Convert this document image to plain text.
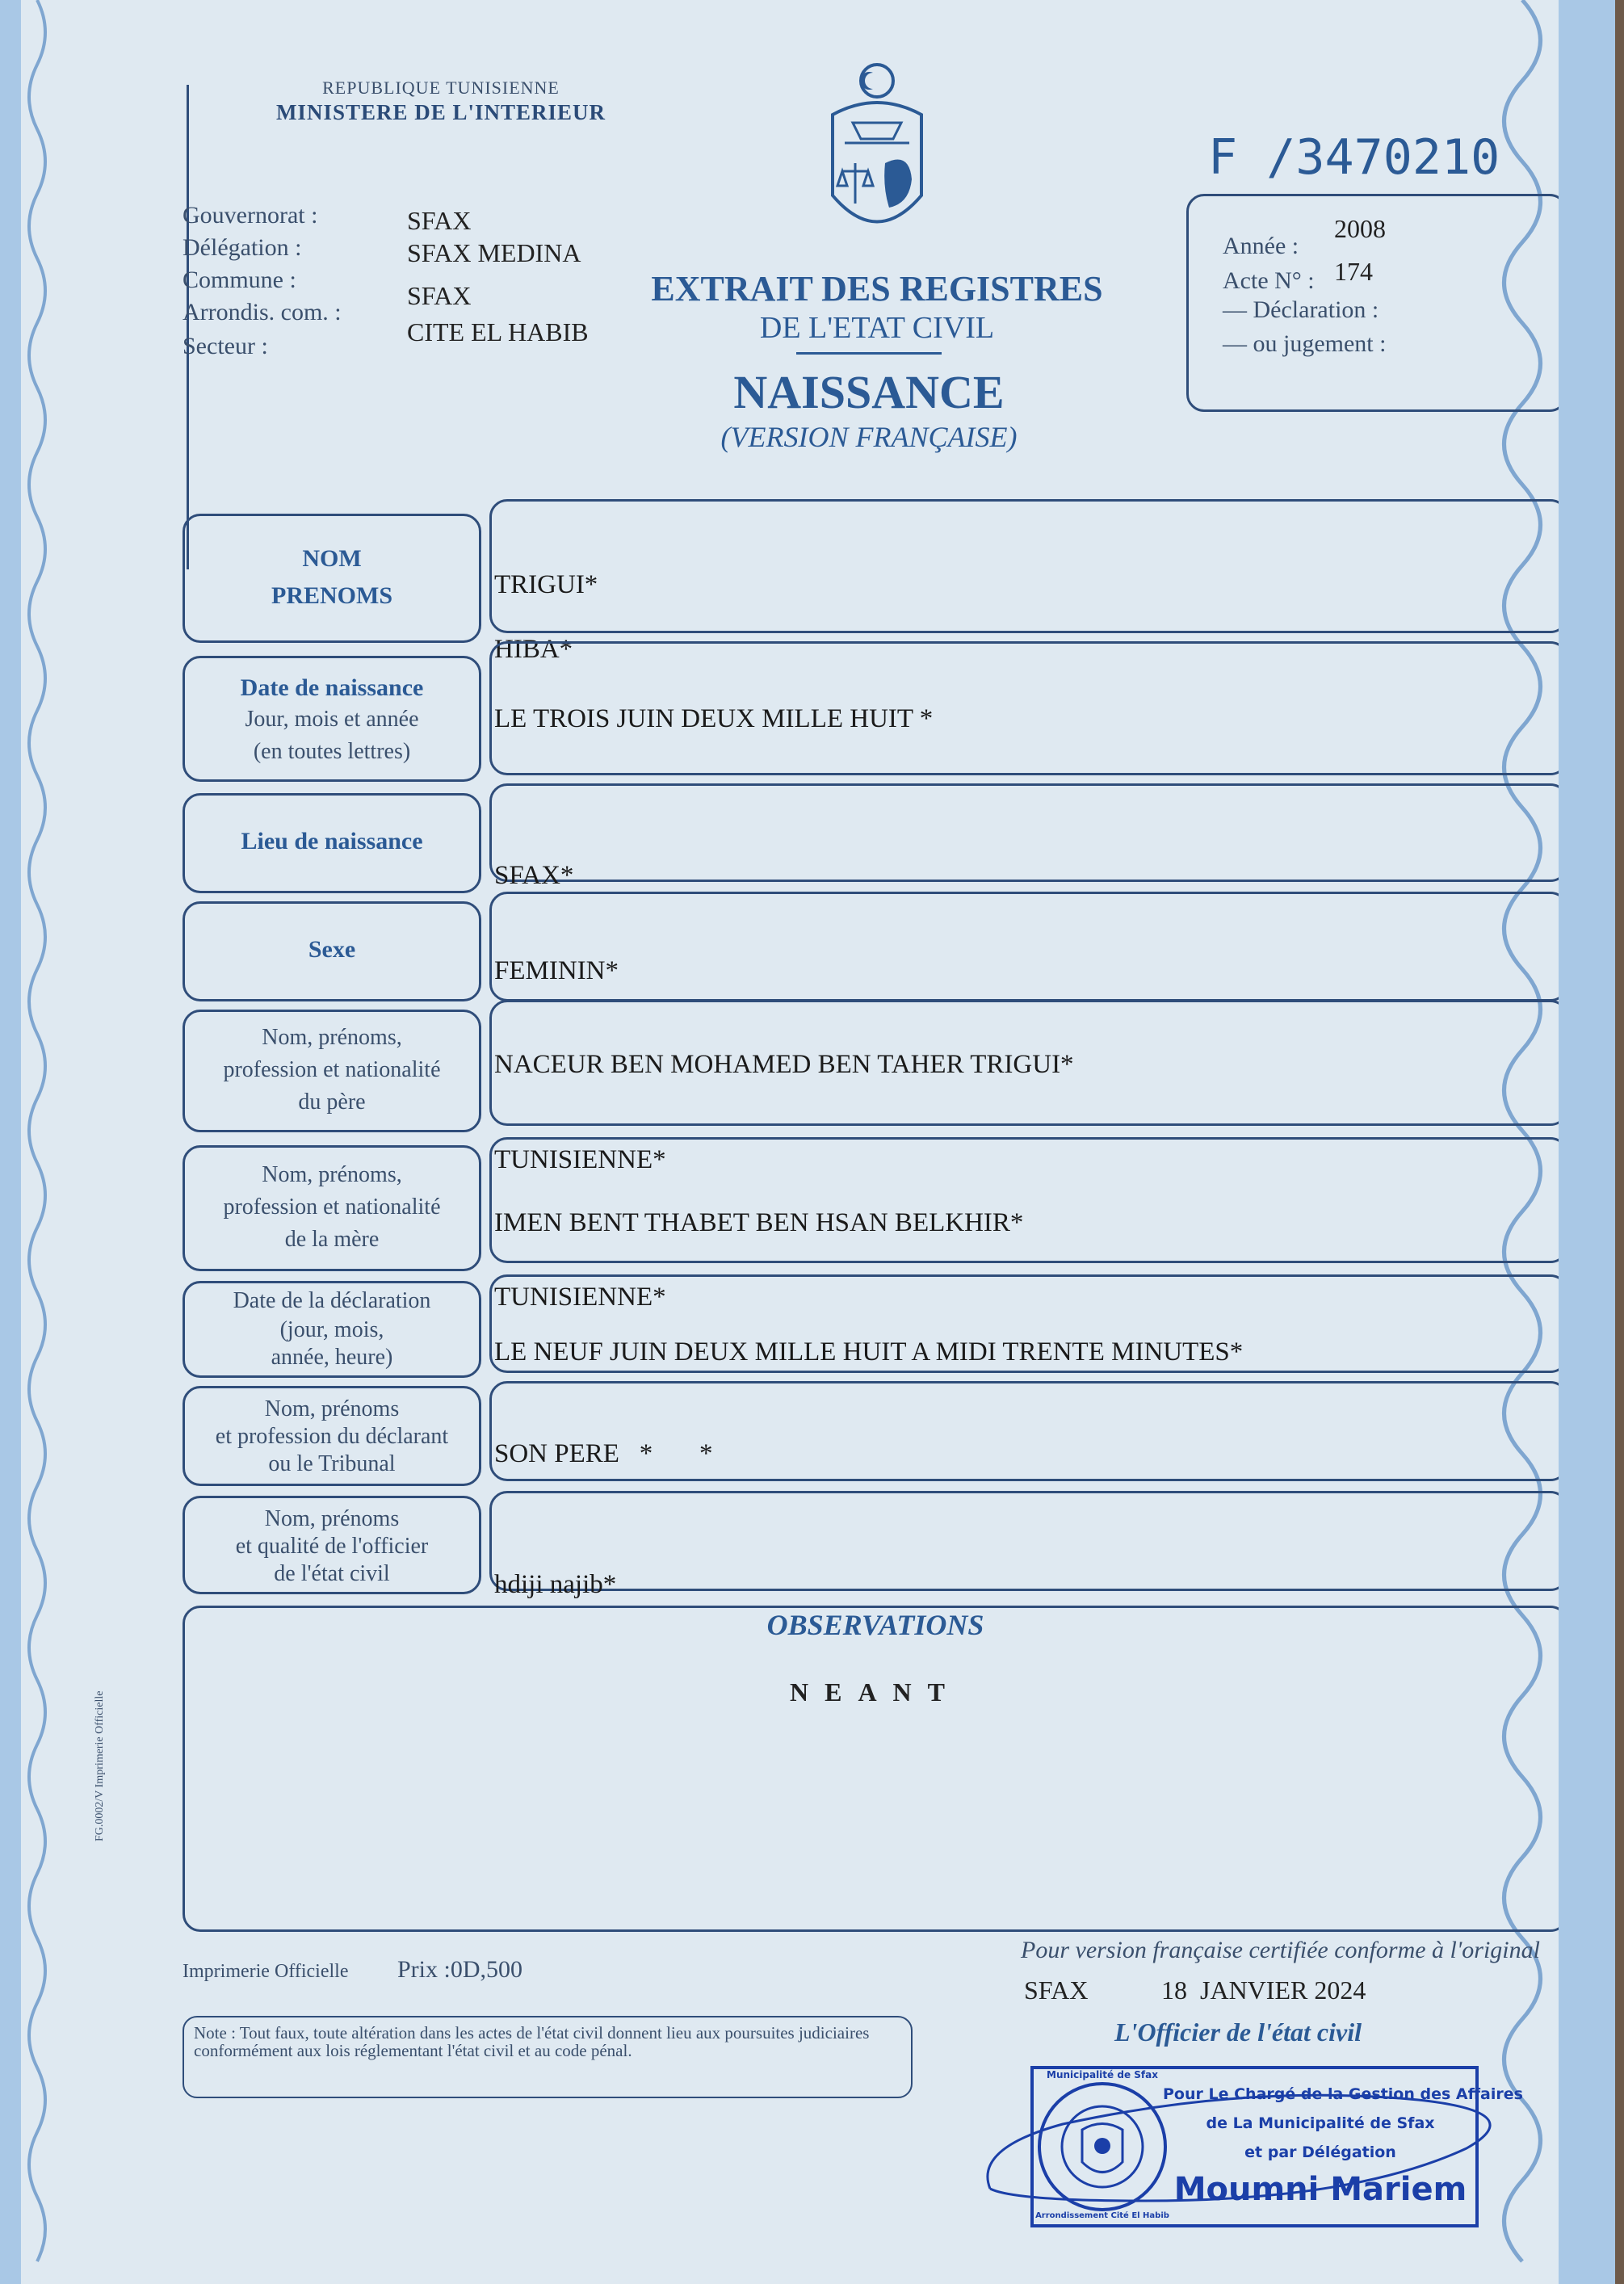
REPUBLIQUE TUNISIENNE
MINISTERE DE L'INTERIEUR
F /3470210
Gouvernorat :	SFAX
Délégation :	SFAX MEDINA
Commune :
SFAX
Arrondis. com. :
CITE EL HABIB
Secteur :
EXTRAIT DES REGISTRES
DE L'ETAT CIVIL
NAISSANCE
(VERSION FRANÇAISE)
Année :
2008
Acte N° : 174
— Déclaration :
— ou jugement :
NOM
PRENOMS	TRIGUI*
HIBA*
Date de naissance
Jour, mois et année
(en toutes lettres)
LE TROIS JUIN DEUX MILLE HUIT *
Lieu de naissance
SFAX*
Sexe
FEMININ*
Nom, prénoms,
profession et nationalité
du père
NACEUR BEN MOHAMED BEN TAHER TRIGUI*
TUNISIENNE*
Nom, prénoms,
profession et nationalité
de la mère
IMEN BENT THABET BEN HSAN BELKHIR*
TUNISIENNE*
Date de la déclaration
(jour, mois,
année, heure)	LE NEUF JUIN DEUX MILLE HUIT A MIDI TRENTE MINUTES*
Nom, prénoms
et profession du déclarant
ou le Tribunal	SON PERE   *       *
Nom, prénoms
et qualité de l'officier
de l'état civil	hdiji najib*
OBSERVATIONS
NEANT
FG.0002/V Imprimerie Officielle
Imprimerie Officielle Prix :0D,500
Pour version française certifiée conforme à l'original
SFAX	18  JANVIER 2024
L'Officier de l'état civil
Note : Tout faux, toute altération dans les actes de l'état civil donnent lieu aux poursuites judiciaires conformément aux lois réglementant l'état civil et au code pénal.
Municipalité de Sfax
Arrondissement Cité El Habib
Pour Le Chargé de la Gestion des Affaires
de La Municipalité de Sfax
et par Délégation
Moumni Mariem
